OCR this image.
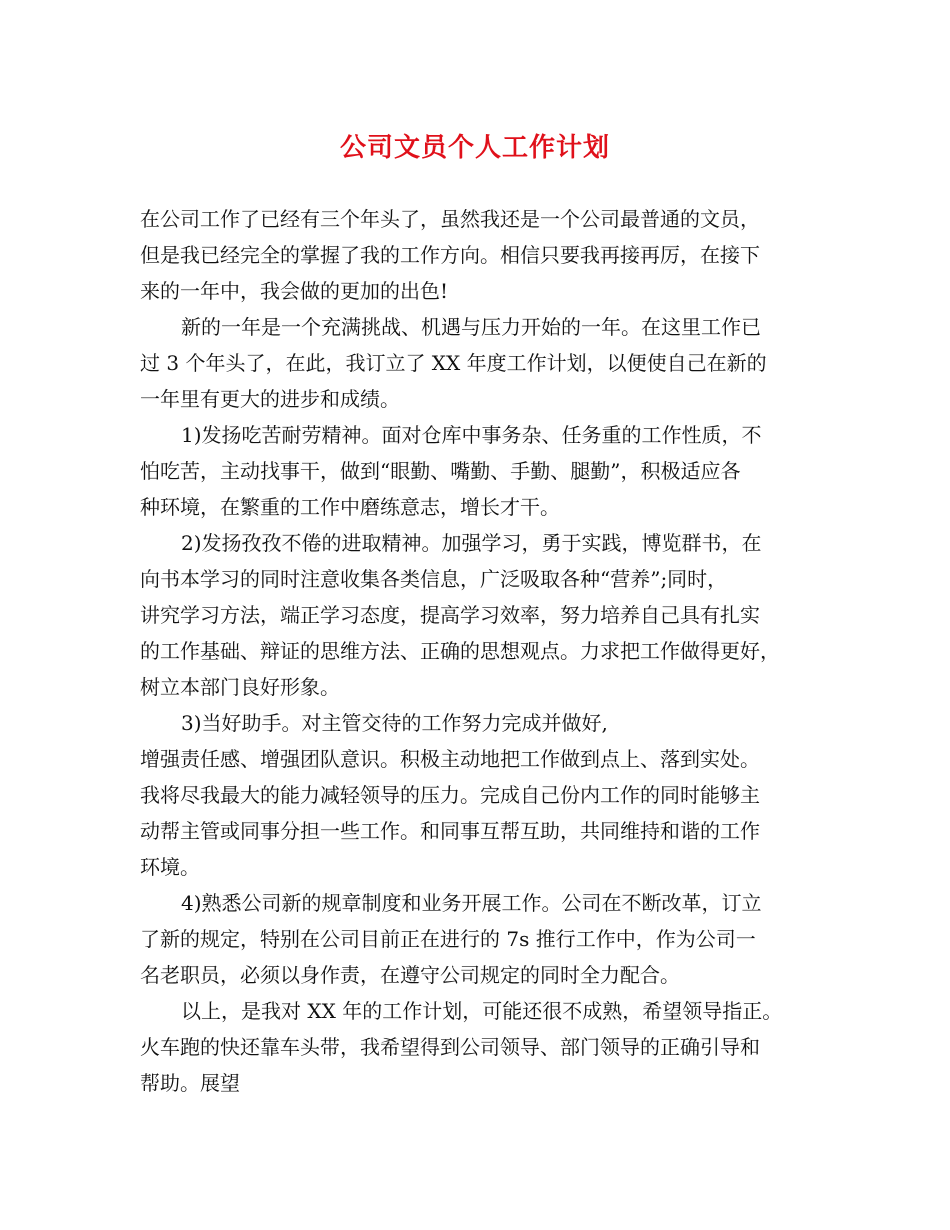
公司文员个人工作计划

在公司工作了已经有三个年头了，虽然我还是一个公司最普通的文员，
但是我已经完全的掌握了我的工作方向。相信只要我再接再厉，在接下
来的一年中，我会做的更加的出色!

新的一年是一个充满挑战、机遇与压力开始的一年。在这里工作已
过 3 个年头了，在此，我订立了 XX 年度工作计划，以便使自己在新的
一年里有更大的进步和成绩。

1)发扬吃苦耐劳精神。面对仓库中事务杂、任务重的工作性质，不
怕吃苦，主动找事干，做到“眼勤、嘴勤、手勤、腿勤”，积极适应各
种环境，在繁重的工作中磨练意志，增长才干。

2)发扬孜孜不倦的进取精神。加强学习，勇于实践，博览群书，在
向书本学习的同时注意收集各类信息，广泛吸取各种“营养”;同时，
讲究学习方法，端正学习态度，提高学习效率，努力培养自己具有扎实
的工作基础、辩证的思维方法、正确的思想观点。力求把工作做得更好，
树立本部门良好形象。

3)当好助手。对主管交待的工作努力完成并做好,
增强责任感、增强团队意识。积极主动地把工作做到点上、落到实处。
我将尽我最大的能力减轻领导的压力。完成自己份内工作的同时能够主
动帮主管或同事分担一些工作。和同事互帮互助，共同维持和谐的工作
环境。

4)熟悉公司新的规章制度和业务开展工作。公司在不断改革，订立
了新的规定，特别在公司目前正在进行的 7s 推行工作中，作为公司一
名老职员，必须以身作责，在遵守公司规定的同时全力配合。

以上，是我对 XX 年的工作计划，可能还很不成熟，希望领导指正。
火车跑的快还靠车头带，我希望得到公司领导、部门领导的正确引导和
帮助。展望
